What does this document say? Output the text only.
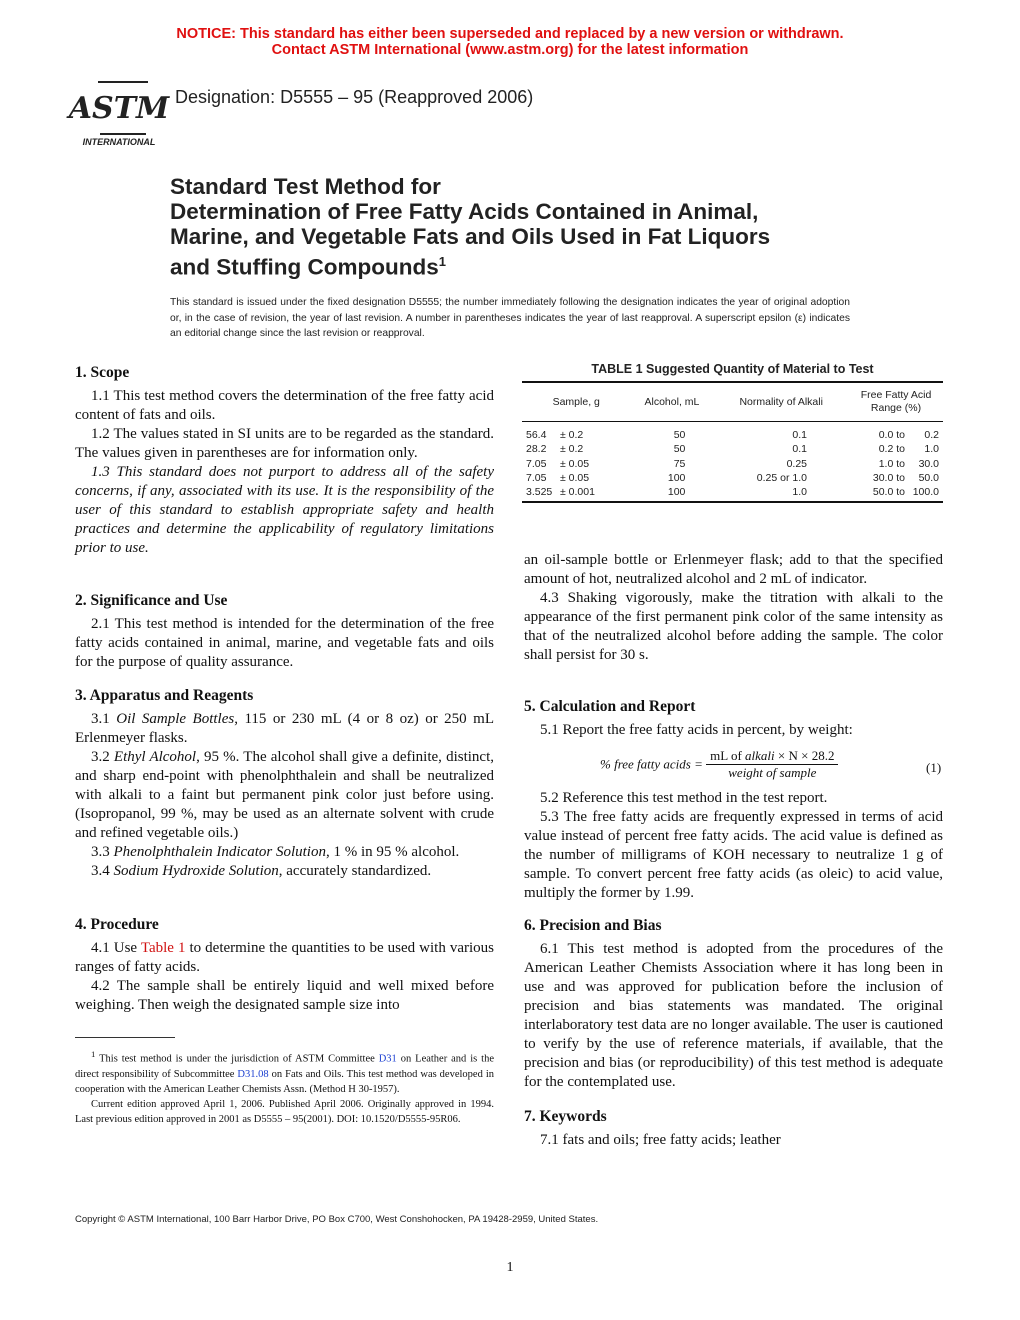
NOTICE: This standard has either been superseded and replaced by a new version or withdrawn.
Contact ASTM International (www.astm.org) for the latest information
ASTM
INTERNATIONAL
Designation: D5555 – 95 (Reapproved 2006)
Standard Test Method for
Determination of Free Fatty Acids Contained in Animal,
Marine, and Vegetable Fats and Oils Used in Fat Liquors
and Stuffing Compounds$^1$
This standard is issued under the fixed designation D5555; the number immediately following the designation indicates the year of original adoption or, in the case of revision, the year of last revision. A number in parentheses indicates the year of last reapproval. A superscript epsilon (ε) indicates an editorial change since the last revision or reapproval.
1. Scope

1.1 This test method covers the determination of the free fatty acid content of fats and oils.

1.2 The values stated in SI units are to be regarded as the standard. The values given in parentheses are for information only.

1.3 This standard does not purport to address all of the safety concerns, if any, associated with its use. It is the responsibility of the user of this standard to establish appropriate safety and health practices and determine the applicability of regulatory limitations prior to use.

2. Significance and Use

2.1 This test method is intended for the determination of the free fatty acids contained in animal, marine, and vegetable fats and oils for the purpose of quality assurance.

3. Apparatus and Reagents

3.1 Oil Sample Bottles, 115 or 230 mL (4 or 8 oz) or 250 mL Erlenmeyer flasks.

3.2 Ethyl Alcohol, 95 %. The alcohol shall give a definite, distinct, and sharp end-point with phenolphthalein and shall be neutralized with alkali to a faint but permanent pink color just before using. (Isopropanol, 99 %, may be used as an alternate solvent with crude and refined vegetable oils.)

3.3 Phenolphthalein Indicator Solution, 1 % in 95 % alcohol.

3.4 Sodium Hydroxide Solution, accurately standardized.

4. Procedure

4.1 Use Table 1 to determine the quantities to be used with various ranges of fatty acids.

4.2 The sample shall be entirely liquid and well mixed before weighing. Then weigh the designated sample size into

$^1$ This test method is under the jurisdiction of ASTM Committee D31 on Leather and is the direct responsibility of Subcommittee D31.08 on Fats and Oils. This test method was developed in cooperation with the American Leather Chemists Assn. (Method H 30-1957).

Current edition approved April 1, 2006. Published April 2006. Originally approved in 1994. Last previous edition approved in 2001 as D5555 – 95(2001). DOI: 10.1520/D5555-95R06.

TABLE 1 Suggested Quantity of Material to Test
Sample, g	Alcohol, mL	Normality of Alkali	Free Fatty Acid Range (%)
56.4 ± 0.2	50	0.1	0.0 to 0.2
28.2 ± 0.2	50	0.1	0.2 to 1.0
7.05 ± 0.05	75	0.25	1.0 to 30.0
7.05 ± 0.05	100	0.25 or 1.0	30.0 to 50.0
3.525 ± 0.001	100	1.0	50.0 to 100.0

an oil-sample bottle or Erlenmeyer flask; add to that the specified amount of hot, neutralized alcohol and 2 mL of indicator.

4.3 Shaking vigorously, make the titration with alkali to the appearance of the first permanent pink color of the same intensity as that of the neutralized alcohol before adding the sample. The color shall persist for 30 s.

5. Calculation and Report

5.1 Report the free fatty acids in percent, by weight:

% free fatty acids = $\frac{\text{mL of alkali × N × 28.2}}{\text{weight of sample}}$	(1)

5.2 Reference this test method in the test report.

5.3 The free fatty acids are frequently expressed in terms of acid value instead of percent free fatty acids. The acid value is defined as the number of milligrams of KOH necessary to neutralize 1 g of sample. To convert percent free fatty acids (as oleic) to acid value, multiply the former by 1.99.

6. Precision and Bias

6.1 This test method is adopted from the procedures of the American Leather Chemists Association where it has long been in use and was approved for publication before the inclusion of precision and bias statements was mandated. The original interlaboratory test data are no longer available. The user is cautioned to verify by the use of reference materials, if available, that the precision and bias (or reproducibility) of this test method is adequate for the contemplated use.

7. Keywords

7.1 fats and oils; free fatty acids; leather

Copyright © ASTM International, 100 Barr Harbor Drive, PO Box C700, West Conshohocken, PA 19428-2959, United States.
1
